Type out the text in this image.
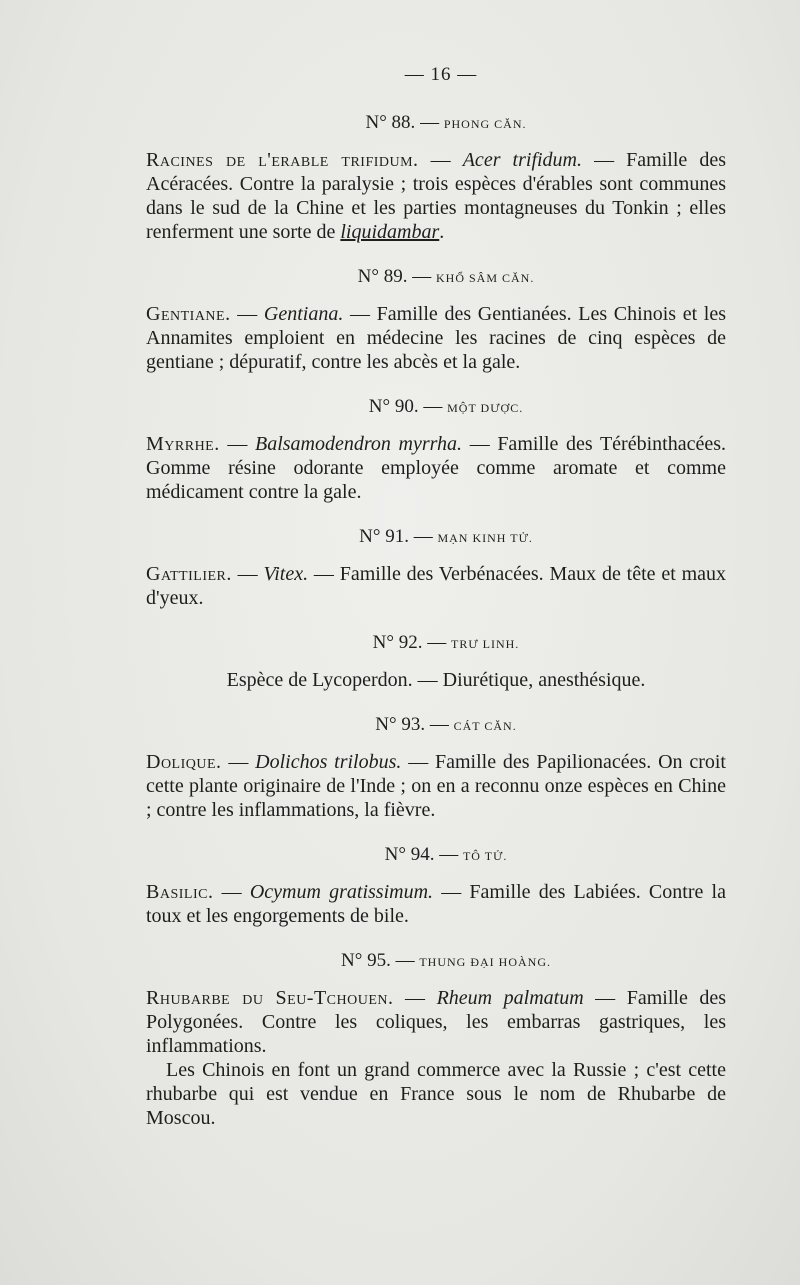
— 16 —
N° 88. — PHONG CĂN.

Racines de l'erable trifidum. — Acer trifidum. — Famille des Acéracées. Contre la paralysie ; trois espèces d'érables sont communes dans le sud de la Chine et les parties montagneuses du Tonkin ; elles renferment une sorte de liquidambar.

N° 89. — KHỔ SÂM CĂN.

Gentiane. — Gentiana. — Famille des Gentianées. Les Chinois et les Annamites emploient en médecine les racines de cinq espèces de gentiane ; dépuratif, contre les abcès et la gale.

N° 90. — MỘT DƯỢC.

Myrrhe. — Balsamodendron myrrha. — Famille des Térébinthacées. Gomme résine odorante employée comme aromate et comme médicament contre la gale.

N° 91. — MẠN KINH TỬ.

Gattilier. — Vitex. — Famille des Verbénacées. Maux de tête et maux d'yeux.

N° 92. — TRƯ LINH.

Espèce de Lycoperdon. — Diurétique, anesthésique.

N° 93. — CÁT CĂN.

Dolique. — Dolichos trilobus. — Famille des Papilionacées. On croit cette plante originaire de l'Inde ; on en a reconnu onze espèces en Chine ; contre les inflammations, la fièvre.

N° 94. — TÔ TỬ.

Basilic. — Ocymum gratissimum. — Famille des Labiées. Contre la toux et les engorgements de bile.

N° 95. — THUNG ĐẠI HOÀNG.

Rhubarbe du Seu-Tchouen. — Rheum palmatum — Famille des Polygonées. Contre les coliques, les embarras gastriques, les inflammations.

Les Chinois en font un grand commerce avec la Russie ; c'est cette rhubarbe qui est vendue en France sous le nom de Rhubarbe de Moscou.
